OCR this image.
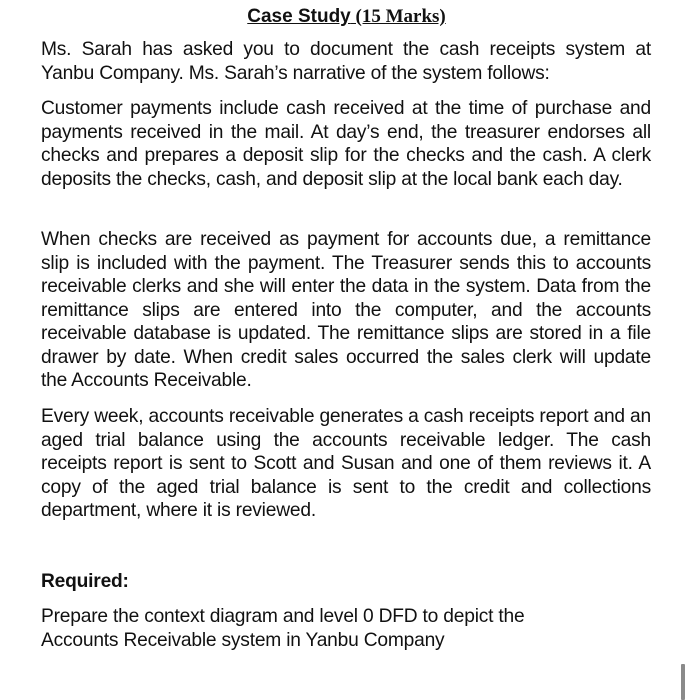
Case Study (15 Marks)

Ms. Sarah has asked you to document the cash receipts system at Yanbu Company. Ms. Sarah’s narrative of the system follows:

Customer payments include cash received at the time of purchase and payments received in the mail. At day’s end, the treasurer endorses all checks and prepares a deposit slip for the checks and the cash. A clerk deposits the checks, cash, and deposit slip at the local bank each day.

When checks are received as payment for accounts due, a remittance slip is included with the payment. The Treasurer sends this to accounts receivable clerks and she will enter the data in the system. Data from the remittance slips are entered into the computer, and the accounts receivable database is updated. The remittance slips are stored in a file drawer by date. When credit sales occurred the sales clerk will update the Accounts Receivable.

Every week, accounts receivable generates a cash receipts report and an aged trial balance using the accounts receivable ledger. The cash receipts report is sent to Scott and Susan and one of them reviews it. A copy of the aged trial balance is sent to the credit and collections department, where it is reviewed.

Required:

Prepare the context diagram and level 0 DFD to depict the Accounts Receivable system in Yanbu Company
